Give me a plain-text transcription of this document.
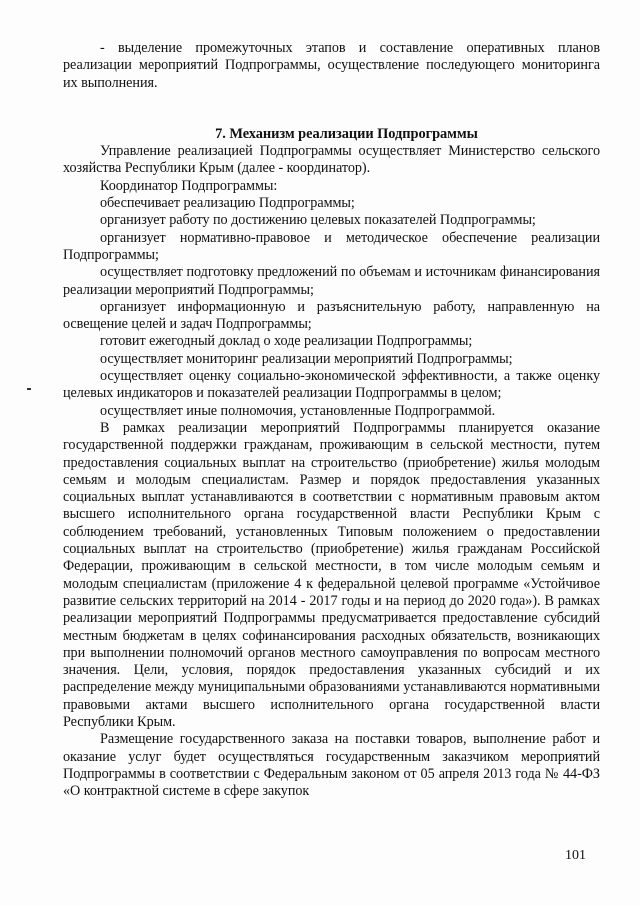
- выделение промежуточных этапов и составление оперативных планов реализации мероприятий Подпрограммы, осуществление последующего мониторинга их выполнения.

7. Механизм реализации Подпрограммы

Управление реализацией Подпрограммы осуществляет Министерство сельского хозяйства Республики Крым (далее - координатор).

Координатор Подпрограммы:

обеспечивает реализацию Подпрограммы;

организует работу по достижению целевых показателей Подпрограммы;

организует нормативно-правовое и методическое обеспечение реализации Подпрограммы;

осуществляет подготовку предложений по объемам и источникам финансирования реализации мероприятий Подпрограммы;

организует информационную и разъяснительную работу, направленную на освещение целей и задач Подпрограммы;

готовит ежегодный доклад о ходе реализации Подпрограммы;

осуществляет мониторинг реализации мероприятий Подпрограммы;

осуществляет оценку социально-экономической эффективности, а также оценку целевых индикаторов и показателей реализации Подпрограммы в целом;

осуществляет иные полномочия, установленные Подпрограммой.

В рамках реализации мероприятий Подпрограммы планируется оказание государственной поддержки гражданам, проживающим в сельской местности, путем предоставления социальных выплат на строительство (приобретение) жилья молодым семьям и молодым специалистам. Размер и порядок предоставления указанных социальных выплат устанавливаются в соответствии с нормативным правовым актом высшего исполнительного органа государственной власти Республики Крым с соблюдением требований, установленных Типовым положением о предоставлении социальных выплат на строительство (приобретение) жилья гражданам Российской Федерации, проживающим в сельской местности, в том числе молодым семьям и молодым специалистам (приложение 4 к федеральной целевой программе «Устойчивое развитие сельских территорий на 2014 - 2017 годы и на период до 2020 года»). В рамках реализации мероприятий Подпрограммы предусматривается предоставление субсидий местным бюджетам в целях софинансирования расходных обязательств, возникающих при выполнении полномочий органов местного самоуправления по вопросам местного значения. Цели, условия, порядок предоставления указанных субсидий и их распределение между муниципальными образованиями устанавливаются нормативными правовыми актами высшего исполнительного органа государственной власти Республики Крым.

Размещение государственного заказа на поставки товаров, выполнение работ и оказание услуг будет осуществляться государственным заказчиком мероприятий Подпрограммы в соответствии с Федеральным законом от 05 апреля 2013 года № 44-ФЗ «О контрактной системе в сфере закупок

101
